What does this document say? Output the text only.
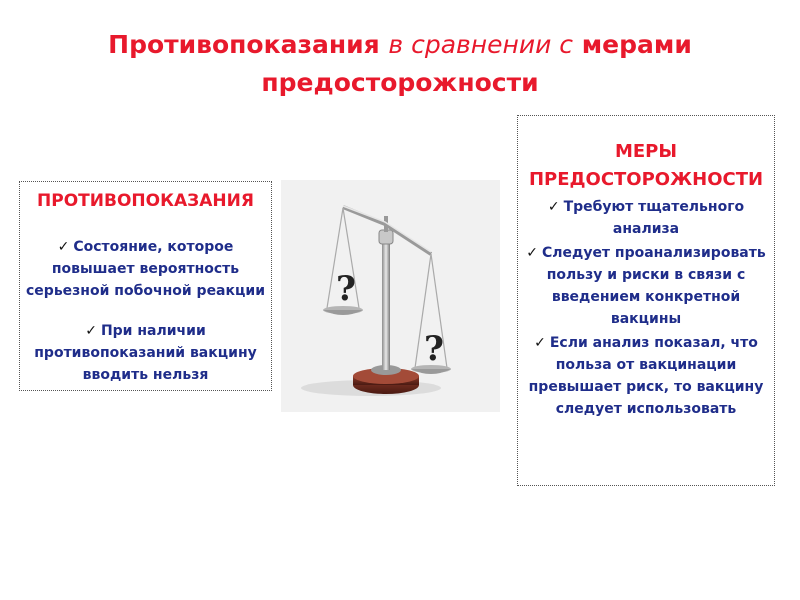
Противопоказания в сравнении с мерами предосторожности
ПРОТИВОПОКАЗАНИЯ
✓ Состояние, которое повышает вероятность серьезной побочной реакции
✓ При наличии противопоказаний вакцину вводить нельзя
?
?
МЕРЫ ПРЕДОСТОРОЖНОСТИ
✓ Требуют тщательного анализа
✓ Следует проанализировать пользу и риски в связи с введением конкретной вакцины
✓ Если анализ показал, что польза от вакцинации превышает риск, то вакцину следует использовать
